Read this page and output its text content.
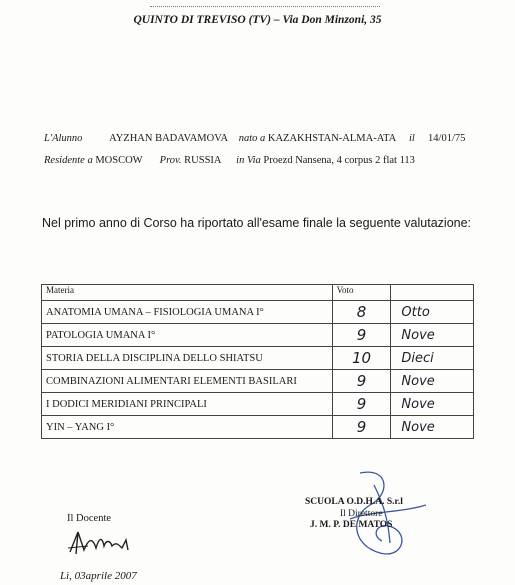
QUINTO DI TREVISO (TV) – Via Don Minzoni, 35
L'Alunno	AYZHAN BADAVAMOVA nato a KAZAKHSTAN-ALMA-ATA il 14/01/75
Residente a MOSCOW Prov. RUSSIA in Via Proezd Nansena, 4 corpus 2 flat 113
Nel primo anno di Corso ha riportato all'esame finale la seguente valutazione:
Materia	Voto	
ANATOMIA UMANA – FISIOLOGIA UMANA I°	8	Otto
PATOLOGIA UMANA I°	9	Nove
STORIA DELLA DISCIPLINA DELLO SHIATSU	10	Dieci
COMBINAZIONI ALIMENTARI ELEMENTI BASILARI	9	Nove
I DODICI MERIDIANI PRINCIPALI	9	Nove
YIN – YANG I°	9	Nove
Il Docente
Lì, 03aprile 2007
SCUOLA O.D.H.A. S.r.l
Il Direttore
J. M. P. DE MATOS
